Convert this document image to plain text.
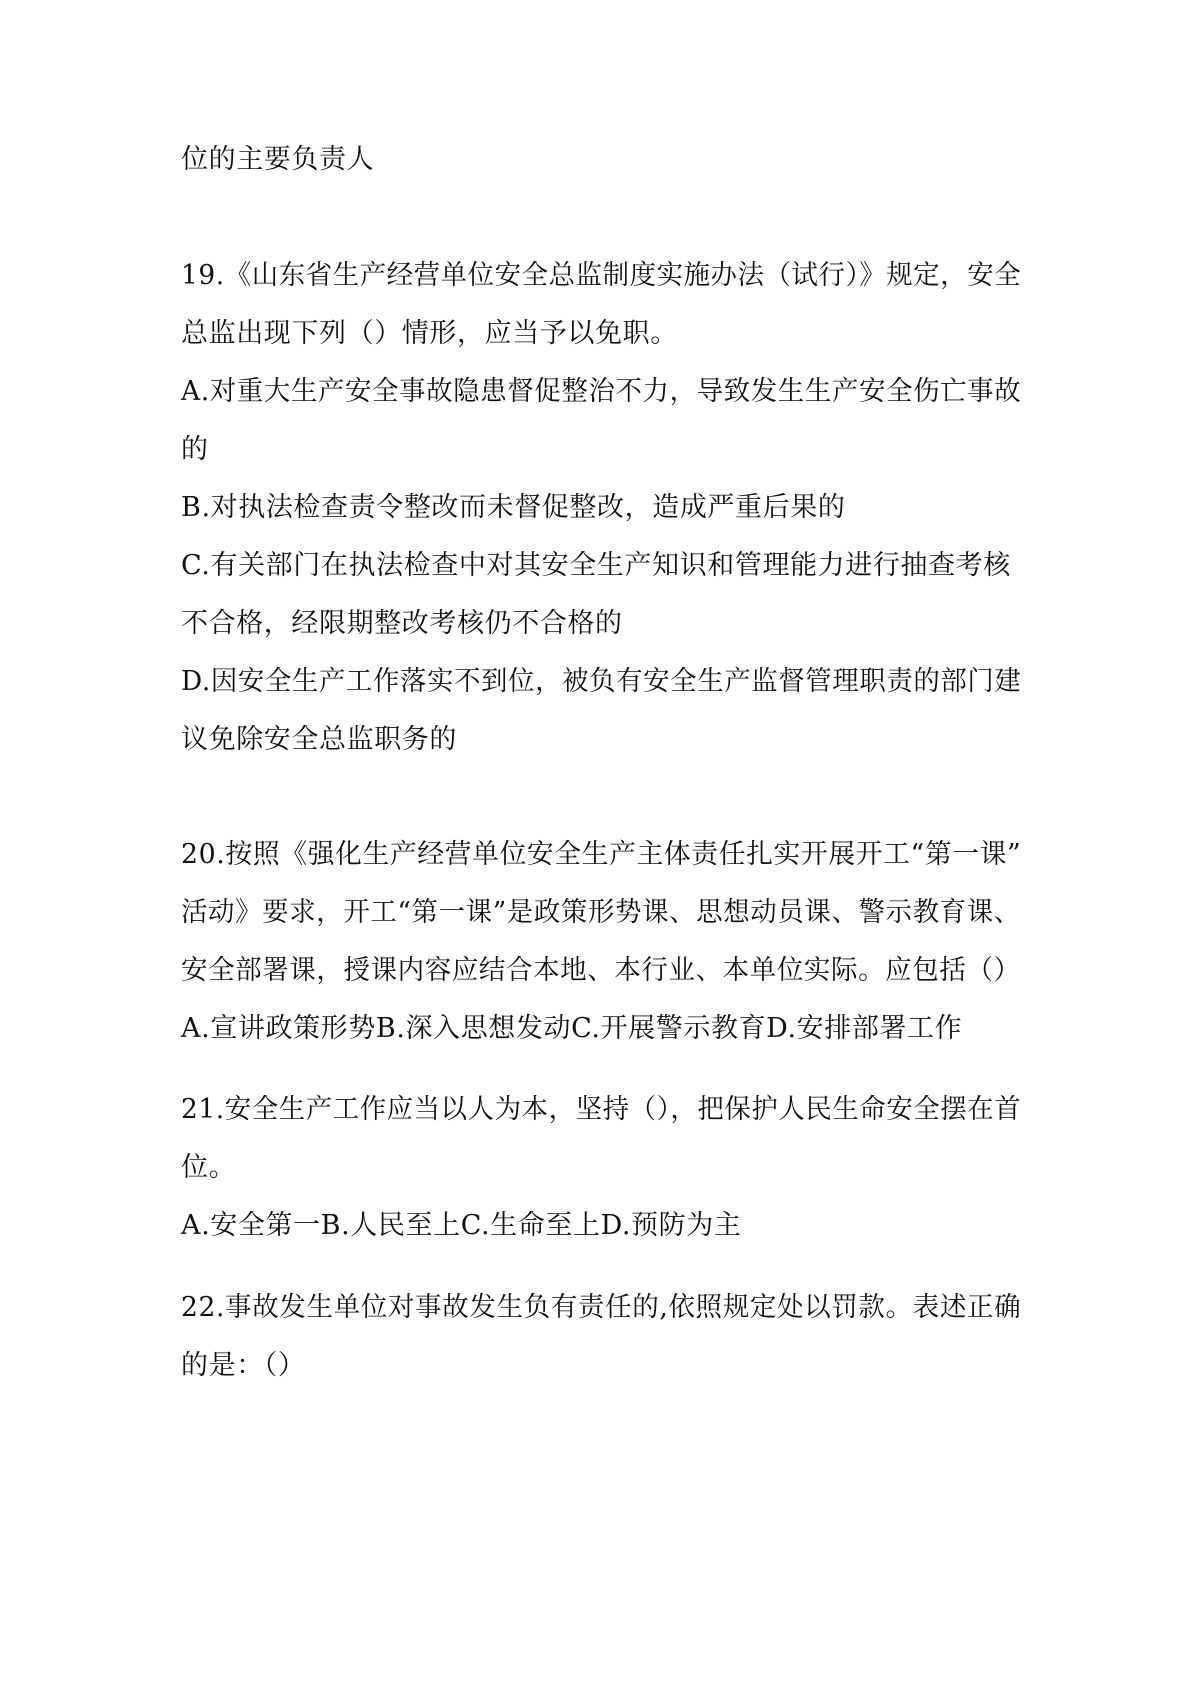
位的主要负责人
19.《山东省生产经营单位安全总监制度实施办法（试行）》规定，安全
总监出现下列（）情形，应当予以免职。
A.对重大生产安全事故隐患督促整治不力，导致发生生产安全伤亡事故
的
B.对执法检查责令整改而未督促整改，造成严重后果的
C.有关部门在执法检查中对其安全生产知识和管理能力进行抽查考核
不合格，经限期整改考核仍不合格的
D.因安全生产工作落实不到位，被负有安全生产监督管理职责的部门建
议免除安全总监职务的
20.按照《强化生产经营单位安全生产主体责任扎实开展开工“第一课”
活动》要求，开工“第一课”是政策形势课、思想动员课、警示教育课、
安全部署课，授课内容应结合本地、本行业、本单位实际。应包括（）
A.宣讲政策形势B.深入思想发动C.开展警示教育D.安排部署工作
21.安全生产工作应当以人为本，坚持（），把保护人民生命安全摆在首
位。
A.安全第一B.人民至上C.生命至上D.预防为主
22.事故发生单位对事故发生负有责任的,依照规定处以罚款。表述正确
的是：（）
